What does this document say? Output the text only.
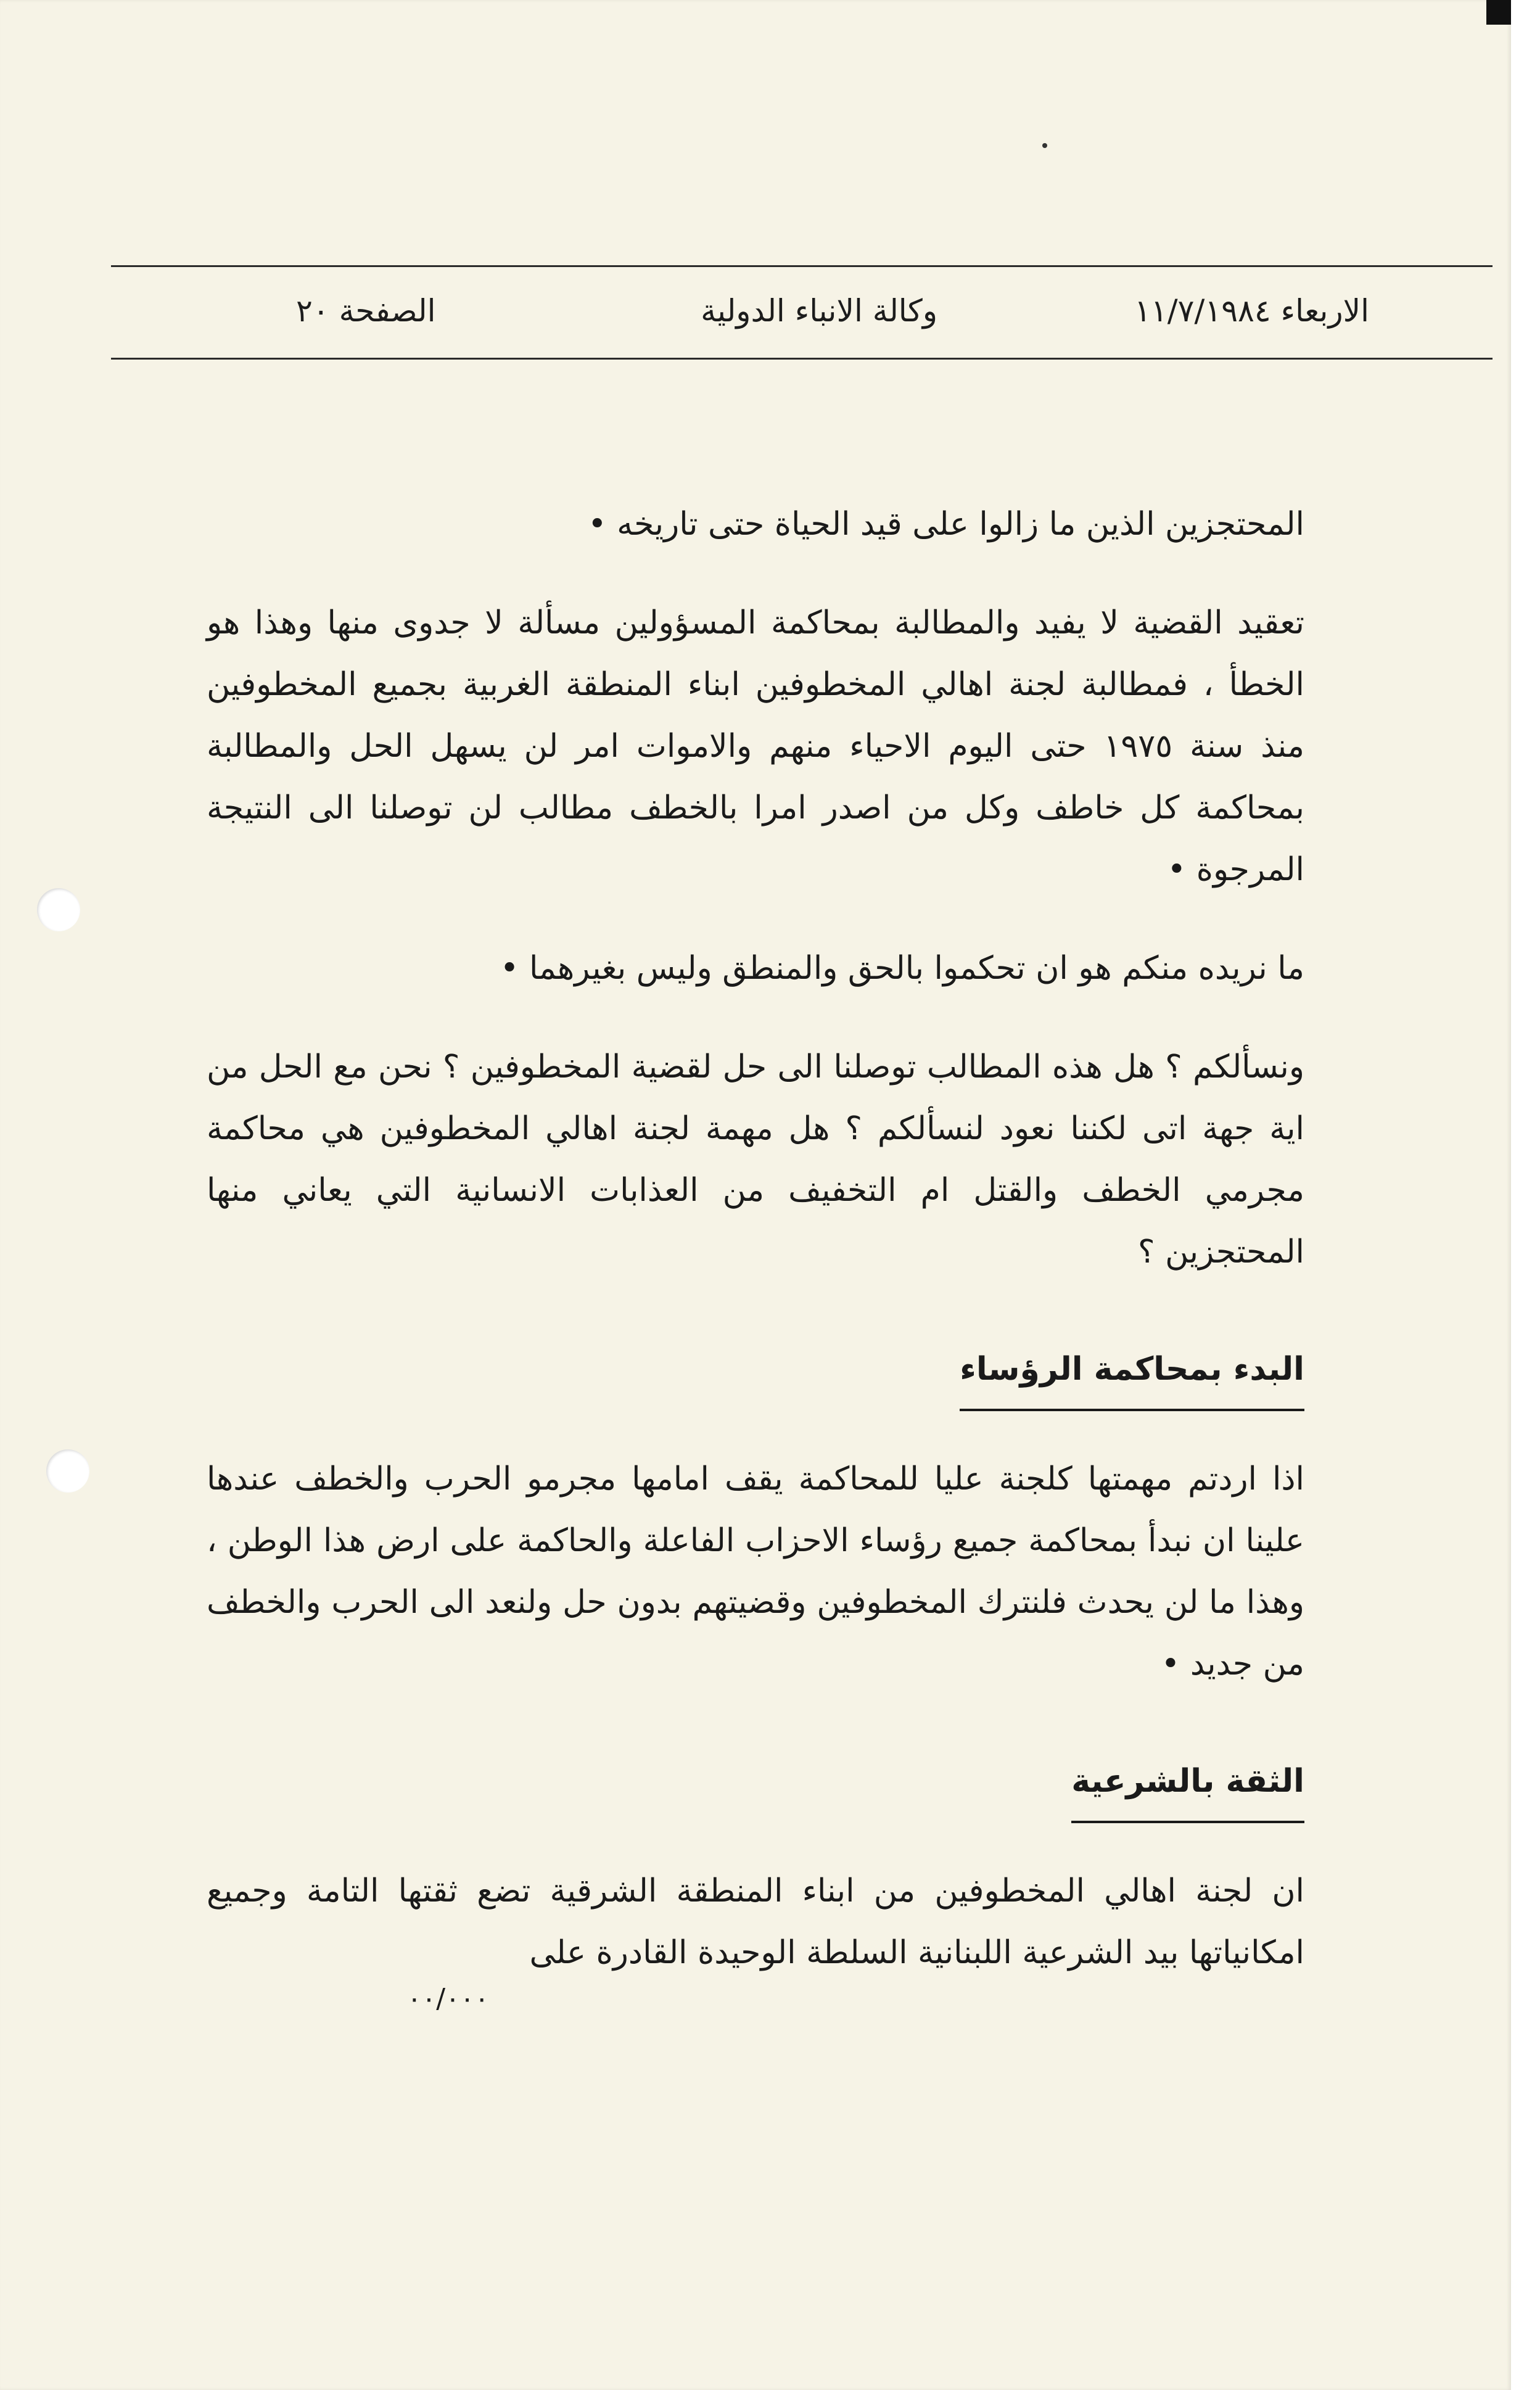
الاربعاء ١١/٧/١٩٨٤
وكالة الانباء الدولية
الصفحة ٢٠

المحتجزين الذين ما زالوا على قيد الحياة حتى تاريخه •

تعقيد القضية لا يفيد والمطالبة بمحاكمة المسؤولين مسألة لا جدوى منها وهذا هو الخطأ ، فمطالبة لجنة اهالي المخطوفين ابناء المنطقة الغربية بجميع المخطوفين منذ سنة ١٩٧٥ حتى اليوم الاحياء منهم والاموات امر لن يسهل الحل والمطالبة بمحاكمة كل خاطف وكل من اصدر امرا بالخطف مطالب لن توصلنا الى النتيجة المرجوة •

ما نريده منكم هو ان تحكموا بالحق والمنطق وليس بغيرهما •

ونسألكم ؟ هل هذه المطالب توصلنا الى حل لقضية المخطوفين ؟ نحن مع الحل من اية جهة اتى لكننا نعود لنسألكم ؟ هل مهمة لجنة اهالي المخطوفين هي محاكمة مجرمي الخطف والقتل ام التخفيف من العذابات الانسانية التي يعاني منها المحتجزين ؟

البدء بمحاكمة الرؤساء

اذا اردتم مهمتها كلجنة عليا للمحاكمة يقف امامها مجرمو الحرب والخطف عندها علينا ان نبدأ بمحاكمة جميع رؤساء الاحزاب الفاعلة والحاكمة على ارض هذا الوطن ، وهذا ما لن يحدث فلنترك المخطوفين وقضيتهم بدون حل ولنعد الى الحرب والخطف من جديد •

الثقة بالشرعية

ان لجنة اهالي المخطوفين من ابناء المنطقة الشرقية تضع ثقتها التامة وجميع امكانياتها بيد الشرعية اللبنانية السلطة الوحيدة القادرة على

٠٠/٠٠٠
